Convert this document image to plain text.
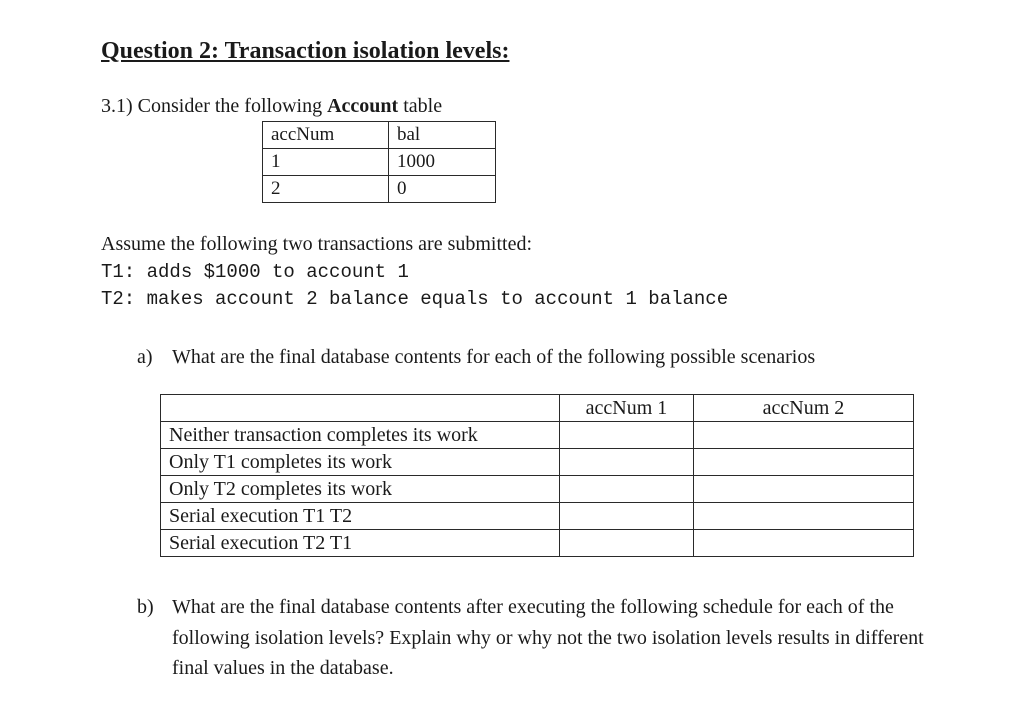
Question 2: Transaction isolation levels:
3.1) Consider the following Account table
accNum	bal
1	1000
2	0
Assume the following two transactions are submitted:
T1: adds $1000 to account 1
T2: makes account 2 balance equals to account 1 balance
a) What are the final database contents for each of the following possible scenarios
	accNum 1	accNum 2
Neither transaction completes its work		
Only T1 completes its work		
Only T2 completes its work		
Serial execution T1 T2		
Serial execution T2 T1		
b) What are the final database contents after executing the following schedule for each of the following isolation levels? Explain why or why not the two isolation levels results in different final values in the database.
